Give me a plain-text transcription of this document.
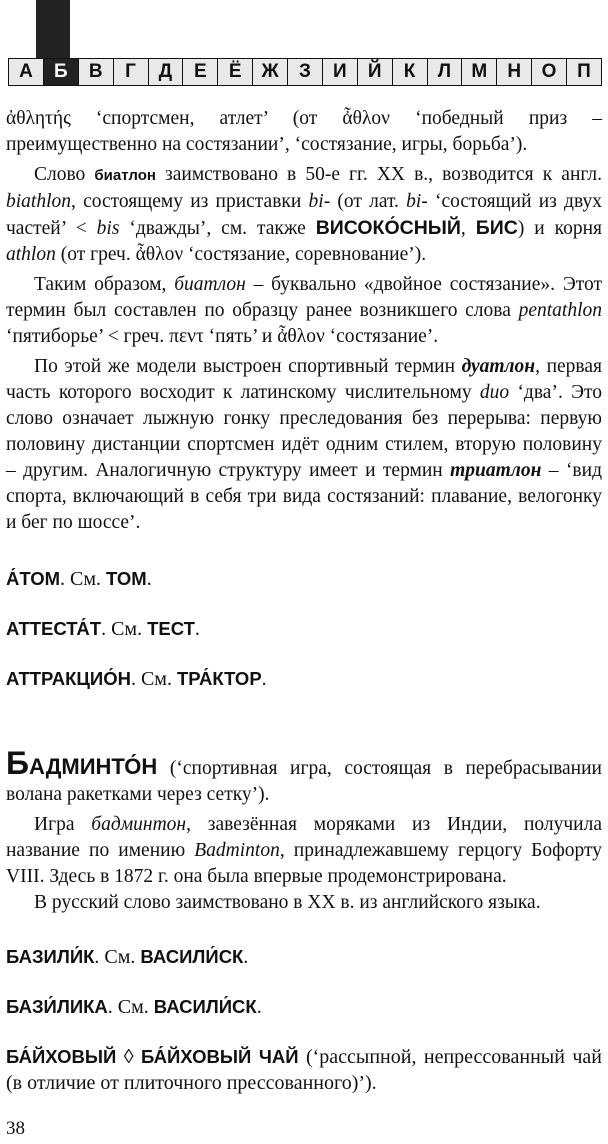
А	Б	В	Г	Д	Е	Ё	Ж	З	И	Й	К	Л	М	Н	О	П

ἀθλητής ‘спортсмен, атлет’ (от ἆθλον ‘победный приз – преимущественно на состязании’, ‘состязание, игры, борьба’).

Слово биатлон заимствовано в 50-е гг. XX в., возводится к англ. biathlon, состоящему из приставки bi- (от лат. bi- ‘состоящий из двух частей’ < bis ‘дважды’, см. также ВИСОКО́СНЫЙ, БИС) и корня athlon (от греч. ἆθλον ‘состязание, соревнование’).

Таким образом, биатлон – буквально «двойное состязание». Этот термин был составлен по образцу ранее возникшего слова pentathlon ‘пятиборье’ < греч. πεντ ‘пять’ и ἆθλον ‘состязание’.

По этой же модели выстроен спортивный термин дуатлон, первая часть которого восходит к латинскому числительному duo ‘два’. Это слово означает лыжную гонку преследования без перерыва: первую половину дистанции спортсмен идёт одним стилем, вторую половину – другим. Аналогичную структуру имеет и термин триатлон – ‘вид спорта, включающий в себя три вида состязаний: плавание, велогонку и бег по шоссе’.

А́ТОМ. См. ТОМ.

АТТЕСТА́Т. См. ТЕСТ.

АТТРАКЦИО́Н. См. ТРА́КТОР.

БАДМИНТО́Н (‘спортивная игра, состоящая в перебрасывании волана ракетками через сетку’).

Игра бадминтон, завезённая моряками из Индии, получила название по имению Badminton, принадлежавшему герцогу Бофорту VIII. Здесь в 1872 г. она была впервые продемонстрирована.

В русский слово заимствовано в XX в. из английского языка.

БАЗИЛИ́К. См. ВАСИЛИ́СК.

БАЗИ́ЛИКА. См. ВАСИЛИ́СК.

БА́ЙХОВЫЙ ◊ БА́ЙХОВЫЙ ЧАЙ (‘рассыпной, непрессованный чай (в отличие от плиточного прессованного)’).

38
